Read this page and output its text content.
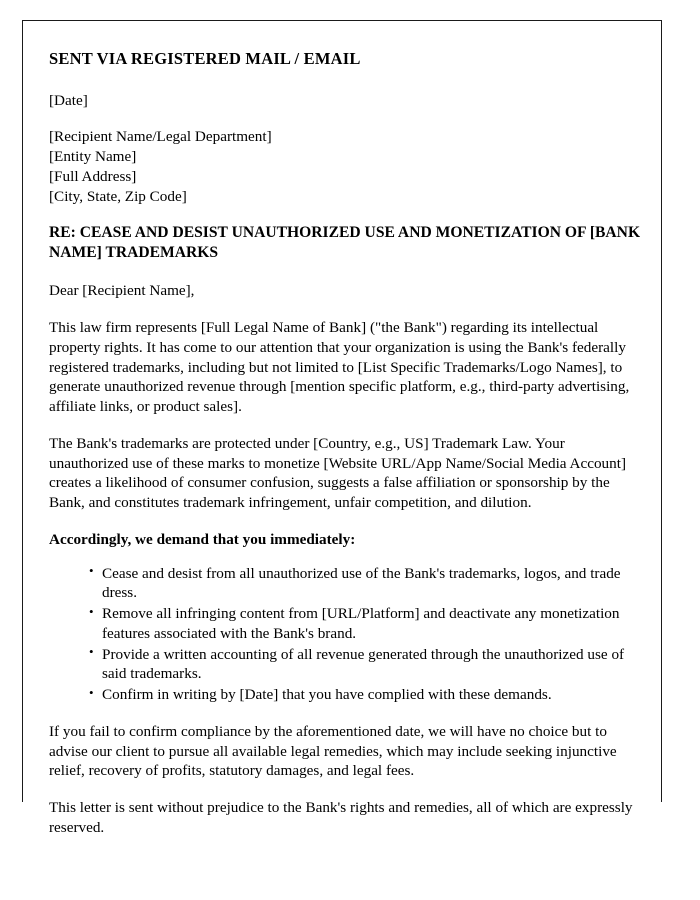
SENT VIA REGISTERED MAIL / EMAIL

[Date]

[Recipient Name/Legal Department]

[Entity Name]

[Full Address]

[City, State, Zip Code]

RE: CEASE AND DESIST UNAUTHORIZED USE AND MONETIZATION OF [BANK NAME] TRADEMARKS

Dear [Recipient Name],

This law firm represents [Full Legal Name of Bank] ("the Bank") regarding its intellectual property rights. It has come to our attention that your organization is using the Bank's federally registered trademarks, including but not limited to [List Specific Trademarks/Logo Names], to generate unauthorized revenue through [mention specific platform, e.g., third-party advertising, affiliate links, or product sales].

The Bank's trademarks are protected under [Country, e.g., US] Trademark Law. Your unauthorized use of these marks to monetize [Website URL/App Name/Social Media Account] creates a likelihood of consumer confusion, suggests a false affiliation or sponsorship by the Bank, and constitutes trademark infringement, unfair competition, and dilution.

Accordingly, we demand that you immediately:

• Cease and desist from all unauthorized use of the Bank's trademarks, logos, and trade dress.
• Remove all infringing content from [URL/Platform] and deactivate any monetization features associated with the Bank's brand.
• Provide a written accounting of all revenue generated through the unauthorized use of said trademarks.
• Confirm in writing by [Date] that you have complied with these demands.

If you fail to confirm compliance by the aforementioned date, we will have no choice but to advise our client to pursue all available legal remedies, which may include seeking injunctive relief, recovery of profits, statutory damages, and legal fees.

This letter is sent without prejudice to the Bank's rights and remedies, all of which are expressly reserved.
